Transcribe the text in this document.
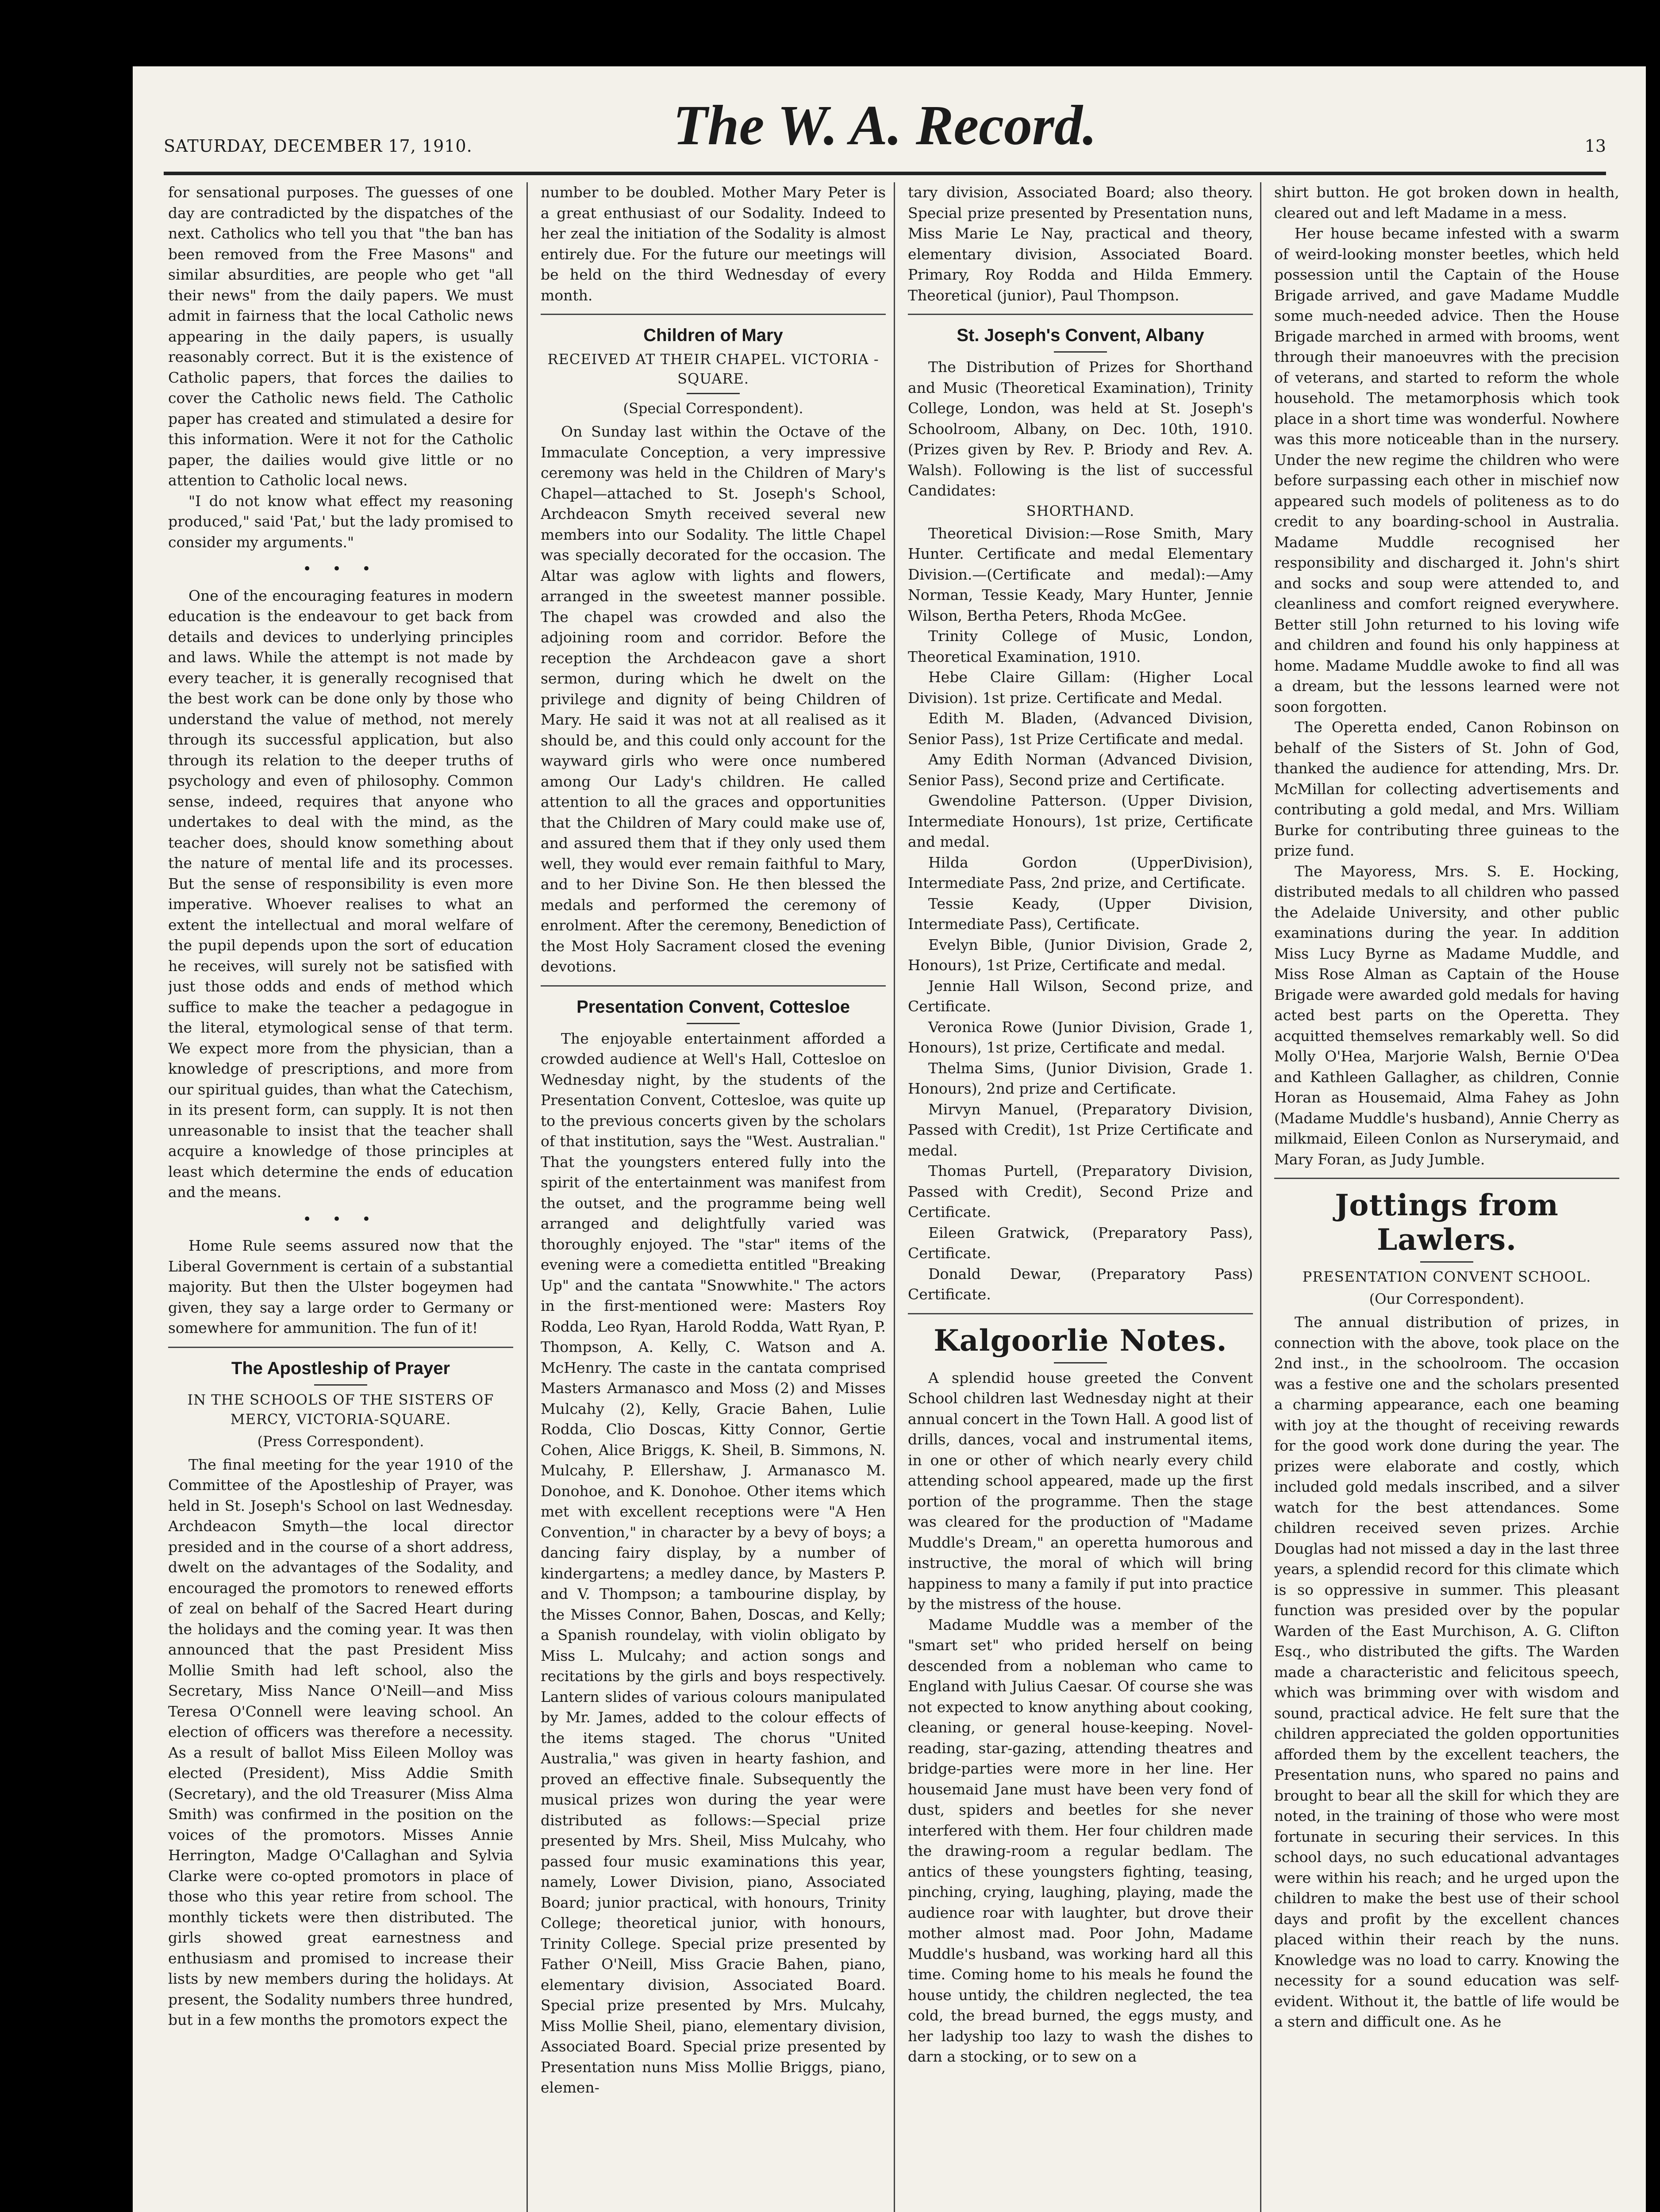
SATURDAY, DECEMBER 17, 1910.	The W. A. Record.	13

for sensational purposes. The guesses of one day are contradicted by the dispatches of the next. Catholics who tell you that "the ban has been removed from the Free Masons" and similar absurdities, are people who get "all their news" from the daily papers. We must admit in fairness that the local Catholic news appearing in the daily papers, is usually reasonably correct. But it is the existence of Catholic papers, that forces the dailies to cover the Catholic news field. The Catholic paper has created and stimulated a desire for this information. Were it not for the Catholic paper, the dailies would give little or no attention to Catholic local news.

"I do not know what effect my reasoning produced," said 'Pat,' but the lady promised to consider my arguments."

• • •

One of the encouraging features in modern education is the endeavour to get back from details and devices to underlying principles and laws. While the attempt is not made by every teacher, it is generally recognised that the best work can be done only by those who understand the value of method, not merely through its successful application, but also through its relation to the deeper truths of psychology and even of philosophy. Common sense, indeed, requires that anyone who undertakes to deal with the mind, as the teacher does, should know something about the nature of mental life and its processes. But the sense of responsibility is even more imperative. Whoever realises to what an extent the intellectual and moral welfare of the pupil depends upon the sort of education he receives, will surely not be satisfied with just those odds and ends of method which suffice to make the teacher a pedagogue in the literal, etymological sense of that term. We expect more from the physician, than a knowledge of prescriptions, and more from our spiritual guides, than what the Catechism, in its present form, can supply. It is not then unreasonable to insist that the teacher shall acquire a knowledge of those principles at least which determine the ends of education and the means.

• • •

Home Rule seems assured now that the Liberal Government is certain of a substantial majority. But then the Ulster bogeymen had given, they say a large order to Germany or somewhere for ammunition. The fun of it!

The Apostleship of Prayer
IN THE SCHOOLS OF THE SISTERS OF MERCY, VICTORIA-SQUARE.
(Press Correspondent).

The final meeting for the year 1910 of the Committee of the Apostleship of Prayer, was held in St. Joseph's School on last Wednesday. Archdeacon Smyth—the local director presided and in the course of a short address, dwelt on the advantages of the Sodality, and encouraged the promotors to renewed efforts of zeal on behalf of the Sacred Heart during the holidays and the coming year. It was then announced that the past President Miss Mollie Smith had left school, also the Secretary, Miss Nance O'Neill—and Miss Teresa O'Connell were leaving school. An election of officers was therefore a necessity. As a result of ballot Miss Eileen Molloy was elected (President), Miss Addie Smith (Secretary), and the old Treasurer (Miss Alma Smith) was confirmed in the position on the voices of the promotors. Misses Annie Herrington, Madge O'Callaghan and Sylvia Clarke were co-opted promotors in place of those who this year retire from school. The monthly tickets were then distributed. The girls showed great earnestness and enthusiasm and promised to increase their lists by new members during the holidays. At present, the Sodality numbers three hundred, but in a few months the promotors expect the

number to be doubled. Mother Mary Peter is a great enthusiast of our Sodality. Indeed to her zeal the initiation of the Sodality is almost entirely due. For the future our meetings will be held on the third Wednesday of every month.

Children of Mary
RECEIVED AT THEIR CHAPEL. VICTORIA - SQUARE.
(Special Correspondent).

On Sunday last within the Octave of the Immaculate Conception, a very impressive ceremony was held in the Children of Mary's Chapel—attached to St. Joseph's School, Archdeacon Smyth received several new members into our Sodality. The little Chapel was specially decorated for the occasion. The Altar was aglow with lights and flowers, arranged in the sweetest manner possible. The chapel was crowded and also the adjoining room and corridor. Before the reception the Archdeacon gave a short sermon, during which he dwelt on the privilege and dignity of being Children of Mary. He said it was not at all realised as it should be, and this could only account for the wayward girls who were once numbered among Our Lady's children. He called attention to all the graces and opportunities that the Children of Mary could make use of, and assured them that if they only used them well, they would ever remain faithful to Mary, and to her Divine Son. He then blessed the medals and performed the ceremony of enrolment. After the ceremony, Benediction of the Most Holy Sacrament closed the evening devotions.

Presentation Convent, Cottesloe

The enjoyable entertainment afforded a crowded audience at Well's Hall, Cottesloe on Wednesday night, by the students of the Presentation Convent, Cottesloe, was quite up to the previous concerts given by the scholars of that institution, says the "West. Australian." That the youngsters entered fully into the spirit of the entertainment was manifest from the outset, and the programme being well arranged and delightfully varied was thoroughly enjoyed. The "star" items of the evening were a comedietta entitled "Breaking Up" and the cantata "Snowwhite." The actors in the first-mentioned were: Masters Roy Rodda, Leo Ryan, Harold Rodda, Watt Ryan, P. Thompson, A. Kelly, C. Watson and A. McHenry. The caste in the cantata comprised Masters Armanasco and Moss (2) and Misses Mulcahy (2), Kelly, Gracie Bahen, Lulie Rodda, Clio Doscas, Kitty Connor, Gertie Cohen, Alice Briggs, K. Sheil, B. Simmons, N. Mulcahy, P. Ellershaw, J. Armanasco M. Donohoe, and K. Donohoe. Other items which met with excellent receptions were "A Hen Convention," in character by a bevy of boys; a dancing fairy display, by a number of kindergartens; a medley dance, by Masters P. and V. Thompson; a tambourine display, by the Misses Connor, Bahen, Doscas, and Kelly; a Spanish roundelay, with violin obligato by Miss L. Mulcahy; and action songs and recitations by the girls and boys respectively. Lantern slides of various colours manipulated by Mr. James, added to the colour effects of the items staged. The chorus "United Australia," was given in hearty fashion, and proved an effective finale. Subsequently the musical prizes won during the year were distributed as follows:—Special prize presented by Mrs. Sheil, Miss Mulcahy, who passed four music examinations this year, namely, Lower Division, piano, Associated Board; junior practical, with honours, Trinity College; theoretical junior, with honours, Trinity College. Special prize presented by Father O'Neill, Miss Gracie Bahen, piano, elementary division, Associated Board. Special prize presented by Mrs. Mulcahy, Miss Mollie Sheil, piano, elementary division, Associated Board. Special prize presented by Presentation nuns Miss Mollie Briggs, piano, elemen-

tary division, Associated Board; also theory. Special prize presented by Presentation nuns, Miss Marie Le Nay, practical and theory, elementary division, Associated Board. Primary, Roy Rodda and Hilda Emmery. Theoretical (junior), Paul Thompson.

St. Joseph's Convent, Albany

The Distribution of Prizes for Shorthand and Music (Theoretical Examination), Trinity College, London, was held at St. Joseph's Schoolroom, Albany, on Dec. 10th, 1910. (Prizes given by Rev. P. Briody and Rev. A. Walsh). Following is the list of successful Candidates:

SHORTHAND.

Theoretical Division:—Rose Smith, Mary Hunter. Certificate and medal Elementary Division.—(Certificate and medal):—Amy Norman, Tessie Keady, Mary Hunter, Jennie Wilson, Bertha Peters, Rhoda McGee.

Trinity College of Music, London, Theoretical Examination, 1910.

Hebe Claire Gillam: (Higher Local Division). 1st prize. Certificate and Medal.

Edith M. Bladen, (Advanced Division, Senior Pass), 1st Prize Certificate and medal.

Amy Edith Norman (Advanced Division, Senior Pass), Second prize and Certificate.

Gwendoline Patterson. (Upper Division, Intermediate Honours), 1st prize, Certificate and medal.

Hilda Gordon (UpperDivision), Intermediate Pass, 2nd prize, and Certificate.

Tessie Keady, (Upper Division, Intermediate Pass), Certificate.

Evelyn Bible, (Junior Division, Grade 2, Honours), 1st Prize, Certificate and medal.

Jennie Hall Wilson, Second prize, and Certificate.

Veronica Rowe (Junior Division, Grade 1, Honours), 1st prize, Certificate and medal.

Thelma Sims, (Junior Division, Grade 1. Honours), 2nd prize and Certificate.

Mirvyn Manuel, (Preparatory Division, Passed with Credit), 1st Prize Certificate and medal.

Thomas Purtell, (Preparatory Division, Passed with Credit), Second Prize and Certificate.

Eileen Gratwick, (Preparatory Pass), Certificate.

Donald Dewar, (Preparatory Pass) Certificate.

Kalgoorlie Notes.

A splendid house greeted the Convent School children last Wednesday night at their annual concert in the Town Hall. A good list of drills, dances, vocal and instrumental items, in one or other of which nearly every child attending school appeared, made up the first portion of the programme. Then the stage was cleared for the production of "Madame Muddle's Dream," an operetta humorous and instructive, the moral of which will bring happiness to many a family if put into practice by the mistress of the house.

Madame Muddle was a member of the "smart set" who prided herself on being descended from a nobleman who came to England with Julius Caesar. Of course she was not expected to know anything about cooking, cleaning, or general house-keeping. Novel-reading, star-gazing, attending theatres and bridge-parties were more in her line. Her housemaid Jane must have been very fond of dust, spiders and beetles for she never interfered with them. Her four children made the drawing-room a regular bedlam. The antics of these youngsters fighting, teasing, pinching, crying, laughing, playing, made the audience roar with laughter, but drove their mother almost mad. Poor John, Madame Muddle's husband, was working hard all this time. Coming home to his meals he found the house untidy, the children neglected, the tea cold, the bread burned, the eggs musty, and her ladyship too lazy to wash the dishes to darn a stocking, or to sew on a

shirt button. He got broken down in health, cleared out and left Madame in a mess.

Her house became infested with a swarm of weird-looking monster beetles, which held possession until the Captain of the House Brigade arrived, and gave Madame Muddle some much-needed advice. Then the House Brigade marched in armed with brooms, went through their manoeuvres with the precision of veterans, and started to reform the whole household. The metamorphosis which took place in a short time was wonderful. Nowhere was this more noticeable than in the nursery. Under the new regime the children who were before surpassing each other in mischief now appeared such models of politeness as to do credit to any boarding-school in Australia. Madame Muddle recognised her responsibility and discharged it. John's shirt and socks and soup were attended to, and cleanliness and comfort reigned everywhere. Better still John returned to his loving wife and children and found his only happiness at home. Madame Muddle awoke to find all was a dream, but the lessons learned were not soon forgotten.

The Operetta ended, Canon Robinson on behalf of the Sisters of St. John of God, thanked the audience for attending, Mrs. Dr. McMillan for collecting advertisements and contributing a gold medal, and Mrs. William Burke for contributing three guineas to the prize fund.

The Mayoress, Mrs. S. E. Hocking, distributed medals to all children who passed the Adelaide University, and other public examinations during the year. In addition Miss Lucy Byrne as Madame Muddle, and Miss Rose Alman as Captain of the House Brigade were awarded gold medals for having acted best parts on the Operetta. They acquitted themselves remarkably well. So did Molly O'Hea, Marjorie Walsh, Bernie O'Dea and Kathleen Gallagher, as children, Connie Horan as Housemaid, Alma Fahey as John (Madame Muddle's husband), Annie Cherry as milkmaid, Eileen Conlon as Nurserymaid, and Mary Foran, as Judy Jumble.

Jottings from Lawlers.
PRESENTATION CONVENT SCHOOL.
(Our Correspondent).

The annual distribution of prizes, in connection with the above, took place on the 2nd inst., in the schoolroom. The occasion was a festive one and the scholars presented a charming appearance, each one beaming with joy at the thought of receiving rewards for the good work done during the year. The prizes were elaborate and costly, which included gold medals inscribed, and a silver watch for the best attendances. Some children received seven prizes. Archie Douglas had not missed a day in the last three years, a splendid record for this climate which is so oppressive in summer. This pleasant function was presided over by the popular Warden of the East Murchison, A. G. Clifton Esq., who distributed the gifts. The Warden made a characteristic and felicitous speech, which was brimming over with wisdom and sound, practical advice. He felt sure that the children appreciated the golden opportunities afforded them by the excellent teachers, the Presentation nuns, who spared no pains and brought to bear all the skill for which they are noted, in the training of those who were most fortunate in securing their services. In this school days, no such educational advantages were within his reach; and he urged upon the children to make the best use of their school days and profit by the excellent chances placed within their reach by the nuns. Knowledge was no load to carry. Knowing the necessity for a sound education was self-evident. Without it, the battle of life would be a stern and difficult one. As he
